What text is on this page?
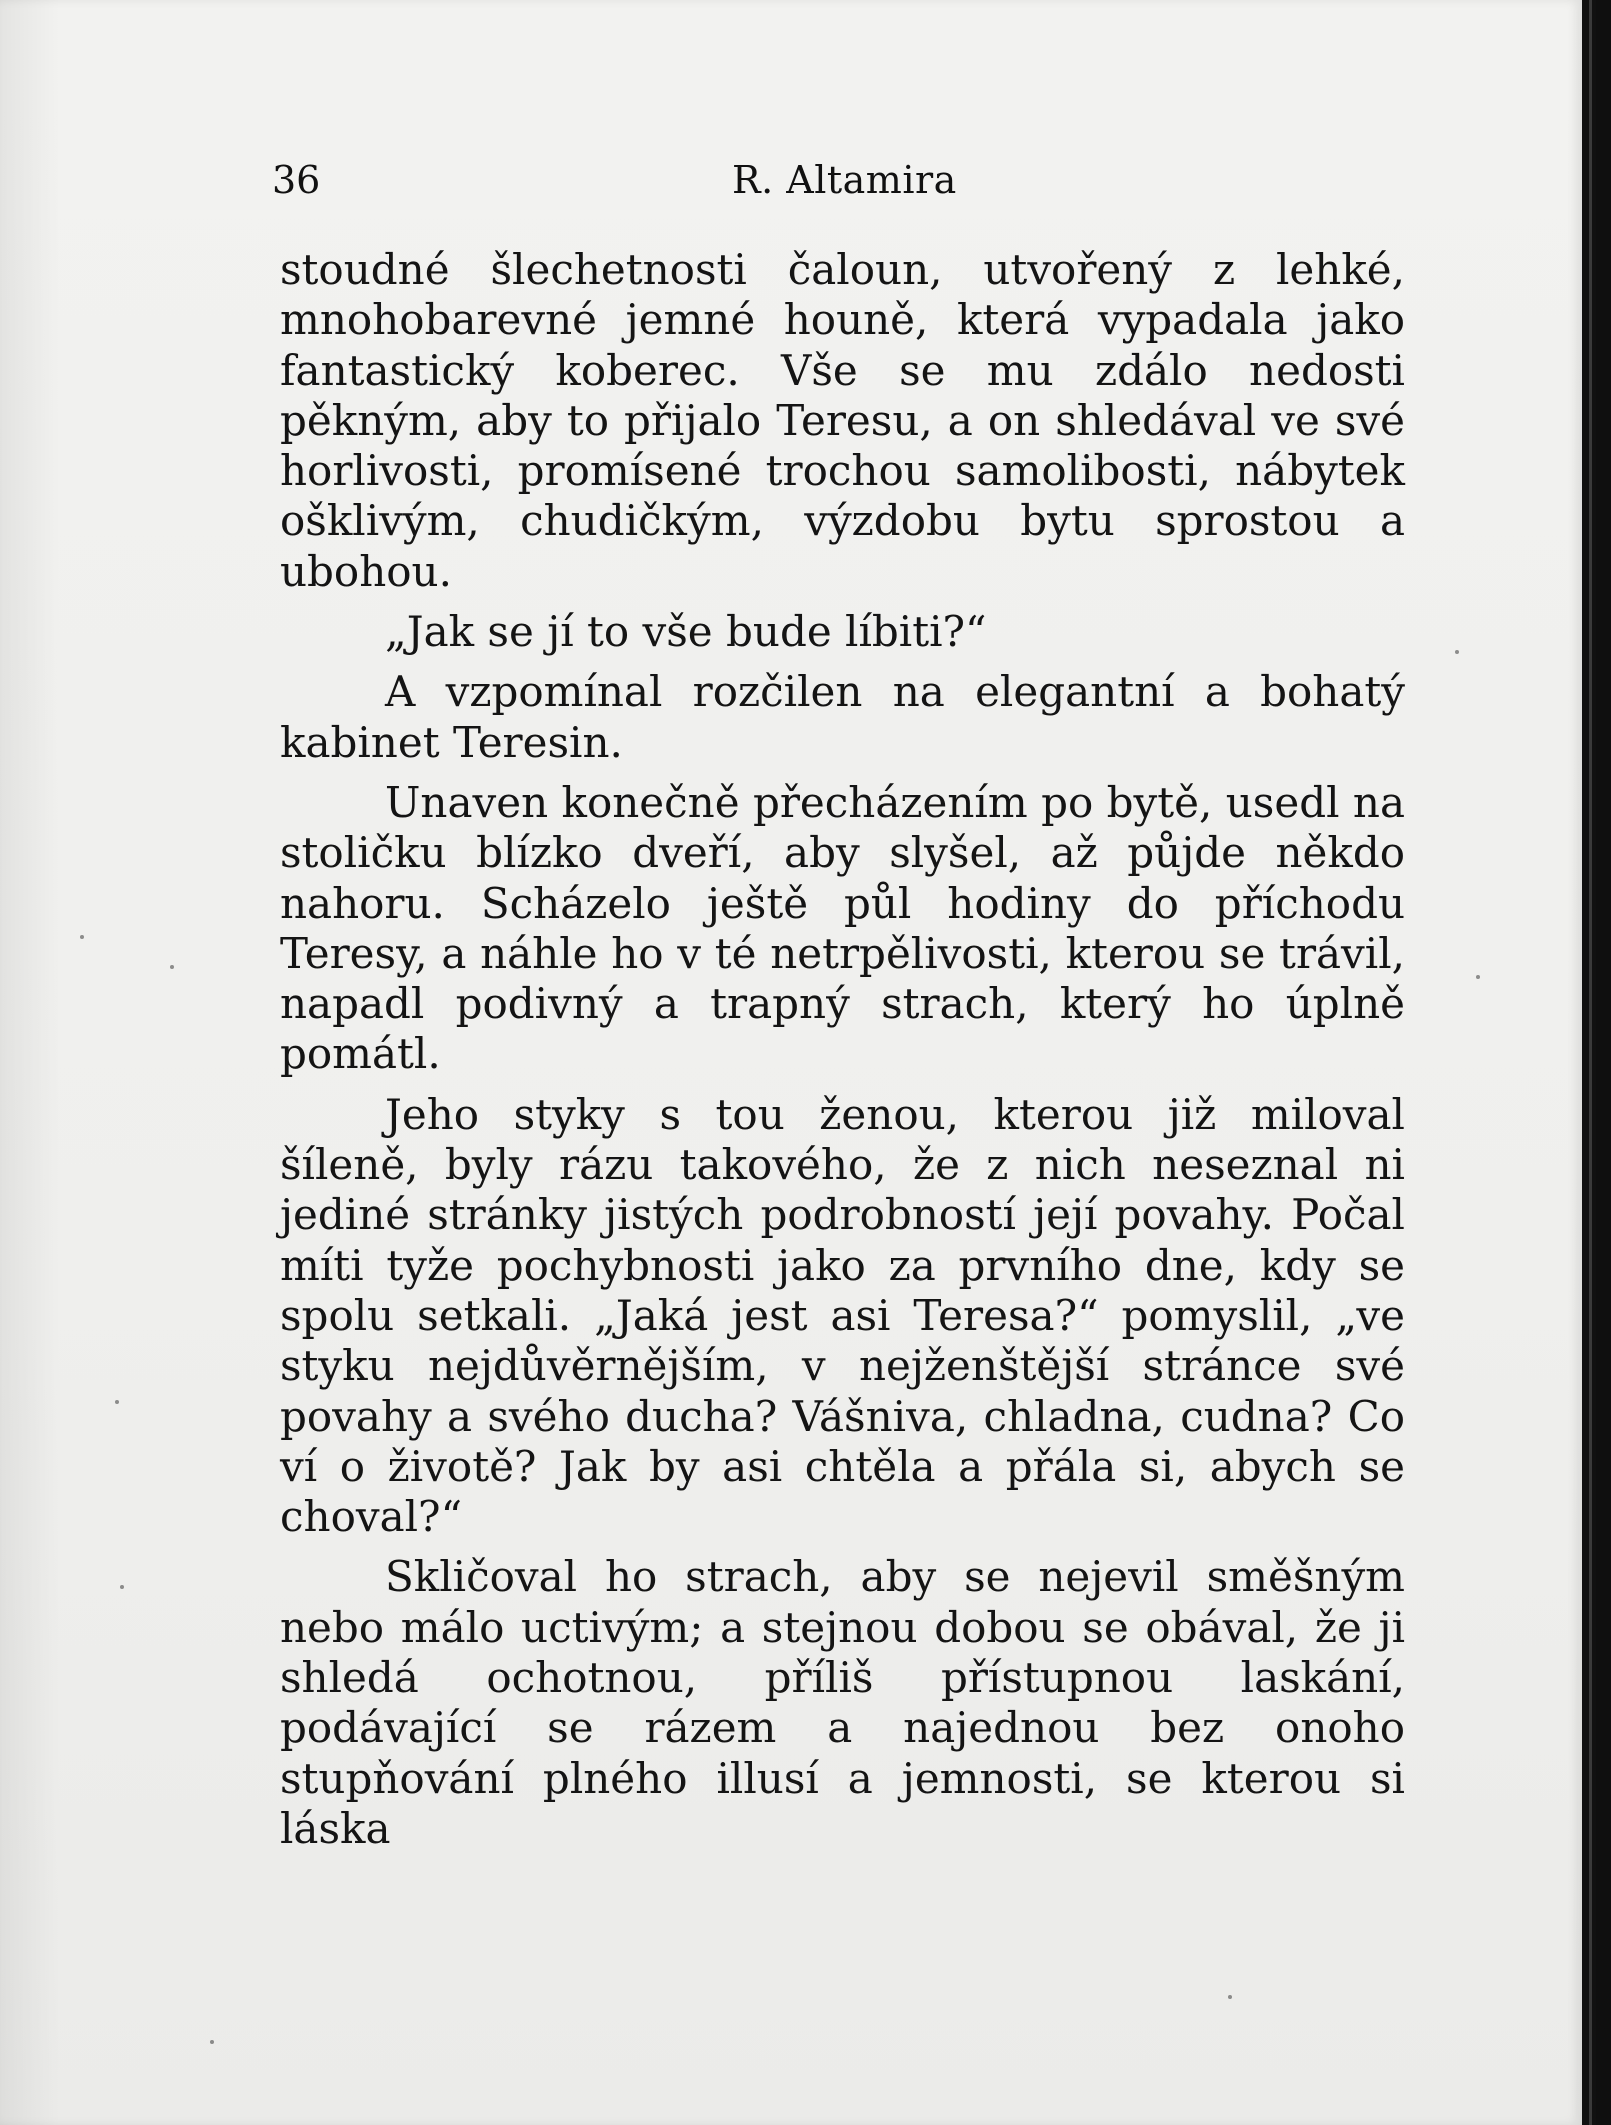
36	R. Altamira

stoudné šlechetnosti čaloun, utvořený z lehké, mnohobarevné jemné houně, která vypadala jako fantastický koberec. Vše se mu zdálo nedosti pěkným, aby to přijalo Teresu, a on shledával ve své horlivosti, promísené trochou samolibosti, nábytek ošklivým, chudičkým, výzdobu bytu sprostou a ubohou.

„Jak se jí to vše bude líbiti?“

A vzpomínal rozčilen na elegantní a bohatý kabinet Teresin.

Unaven konečně přecházením po bytě, usedl na stoličku blízko dveří, aby slyšel, až půjde někdo nahoru. Scházelo ještě půl hodiny do příchodu Teresy, a náhle ho v té netrpělivosti, kterou se trávil, napadl podivný a trapný strach, který ho úplně pomátl.

Jeho styky s tou ženou, kterou již miloval šíleně, byly rázu takového, že z nich neseznal ni jediné stránky jistých podrobností její povahy. Počal míti tyže pochybnosti jako za prvního dne, kdy se spolu setkali. „Jaká jest asi Teresa?“ pomyslil, „ve styku nejdůvěrnějším, v nejženštější stránce své povahy a svého ducha? Vášniva, chladna, cudna? Co ví o životě? Jak by asi chtěla a přála si, abych se choval?“

Skličoval ho strach, aby se nejevil směšným nebo málo uctivým; a stejnou dobou se obával, že ji shledá ochotnou, příliš přístupnou laskání, podávající se rázem a najednou bez onoho stupňování plného illusí a jemnosti, se kterou si láska
